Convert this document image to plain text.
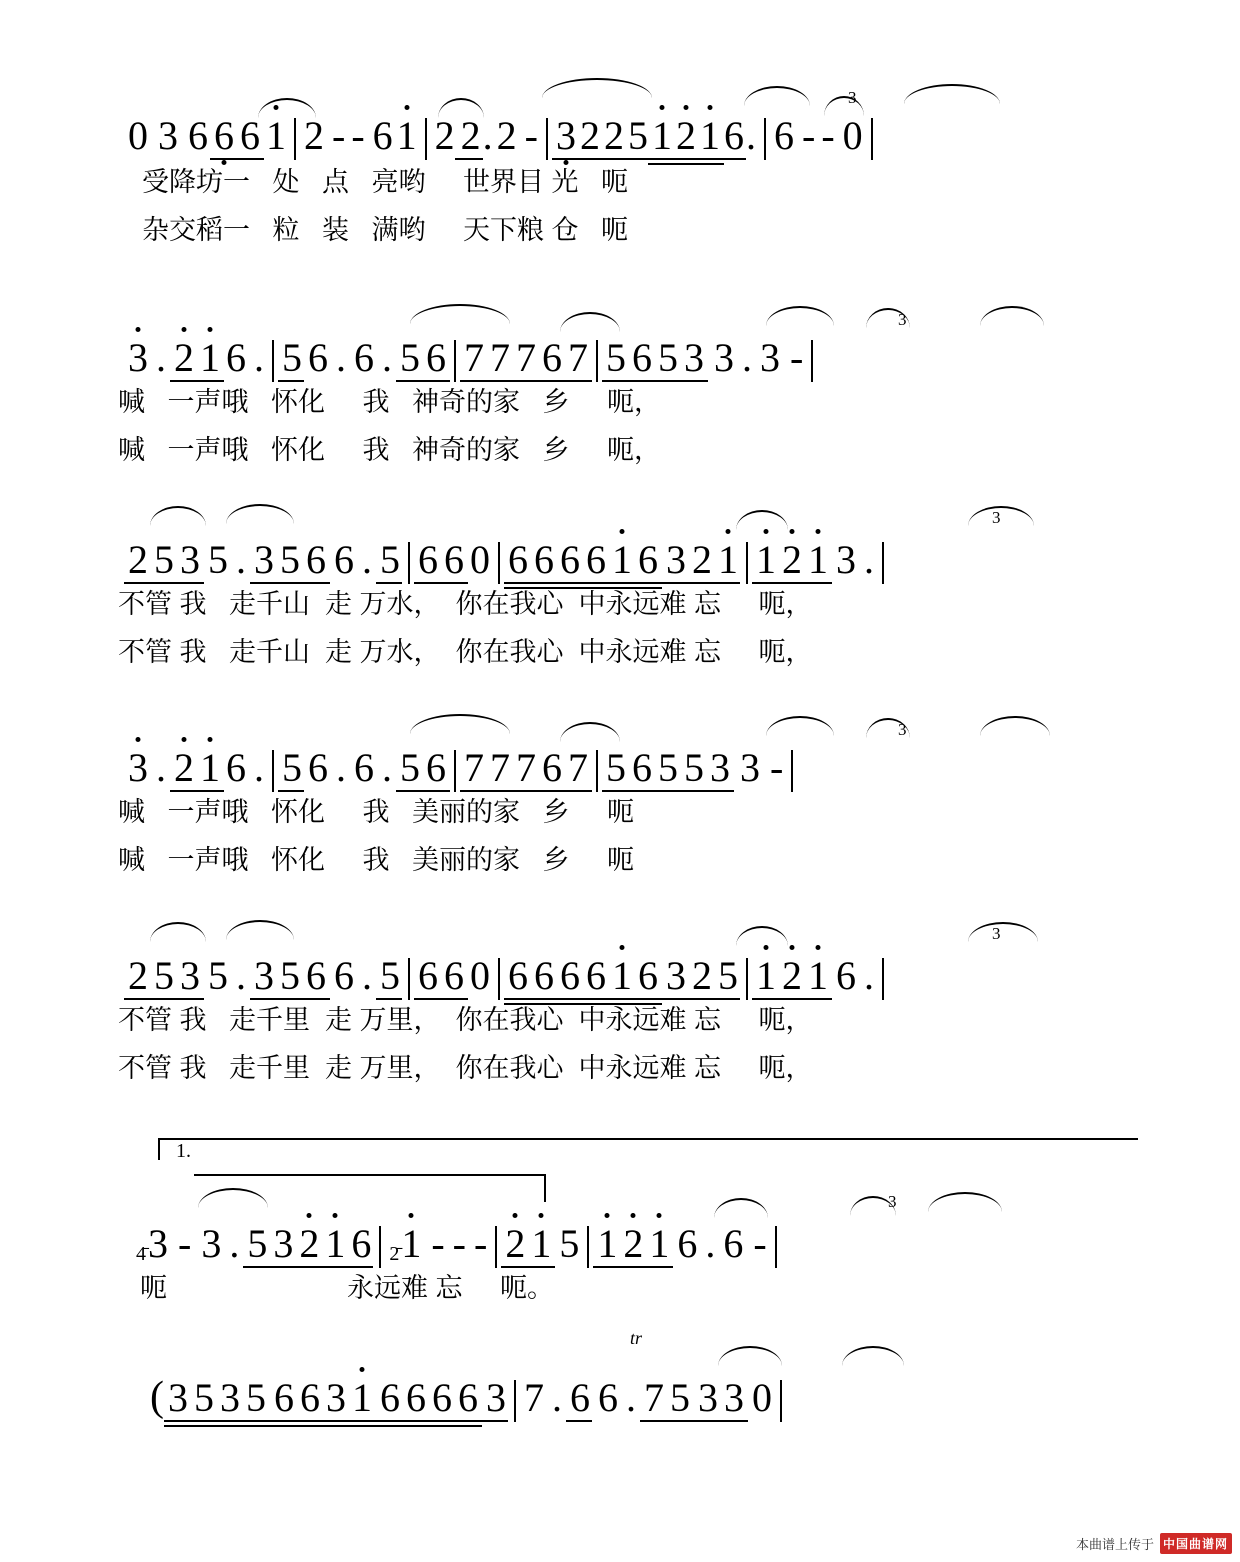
3
0 3 6 6 6 1 2 - - 6 1 2 2 . 2 - 3 2 2 5 1 2 1 6 . 6 - - 0

受降坊一   处   点   亮哟     世界目 光   呃

杂交稻一   粒   装   满哟     天下粮 仓   呃

3
3 . 2 1 6 . 5 6 . 6 . 5 6 7 7 7 6 7 5 6 5 3 3 . 3 -

喊   一声哦   怀化     我   神奇的家   乡     呃，

喊   一声哦   怀化     我   神奇的家   乡     呃，

3
2 5 3 5 . 3 5 6 6 . 5 6 6 0 6 6 6 6 1 6 3 2 1 1 2 1 3 .

不管 我   走千山  走 万水，  你在我心  中永远难 忘     呃，

不管 我   走千山  走 万水，  你在我心  中永远难 忘     呃，

3
3 . 2 1 6 . 5 6 . 6 . 5 6 7 7 7 6 7 5 6 5 5 3 3 -

喊   一声哦   怀化     我   美丽的家   乡     呃

喊   一声哦   怀化     我   美丽的家   乡     呃

3
2 5 3 5 . 3 5 6 6 . 5 6 6 0 6 6 6 6 1 6 3 2 5 1 2 1 6 .

不管 我   走千里  走 万里，  你在我心  中永远难 忘     呃，

不管 我   走千里  走 万里，  你在我心  中永远难 忘     呃，

1.
3
4̄ 3 - 3 . 5 3 2 1 6 2̄ 1 - - - 2 1 5 1 2 1 6 . 6 -

呃                        永远难 忘     呃。

tr
( 3 5 3 5 6 6 3 1 6 6 6 6 3 7 . 6 6 . 7 5 3 3 0
本曲谱上传于 中国曲谱网
